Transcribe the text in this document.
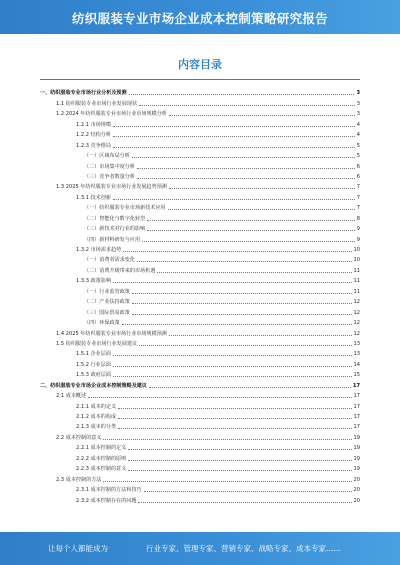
纺织服装专业市场企业成本控制策略研究报告
内容目录
一、纺织服装专业市场行业分析及预测	3
1.1 纺织服装专业市场行业发展现状	3
1.2 2024 年纺织服装专业市场行业市场规模分析	3
1.2.1 市场规模	4
1.2.2 结构分析	4
1.2.3 竞争格局	5
（一）区域布局分析	5
（二）市场集中度分析	6
（三）竞争者数量分析	6
1.3 2025 年纺织服装专业市场行业发展趋势预测	7
1.3.1 技术创新	7
（一）纺织服装专业市场新技术应用	7
（二）智能化与数字化转型	8
（三）新技术对行业的影响	9
（四）新材料研发与应用	9
1.3.2 市场需求趋势	10
（一）消费者需求变化	10
（二）消费升级带来的市场机遇	11
1.3.3 政策影响	11
（一）行业监管政策	11
（二）产业扶持政策	12
（三）国际贸易政策	12
（四）环保政策	12
1.4 2025 年纺织服装专业市场行业市场规模预测	12
1.5 纺织服装专业市场行业发展建议	13
1.5.1 企业层面	13
1.5.2 行业层面	14
1.5.3 政府层面	15
二、纺织服装专业市场企业成本控制策略及建议	17
2.1 成本概述	17
2.1.1 成本的定义	17
2.1.2 成本的构成	17
2.1.3 成本的分类	17
2.2 成本控制的意义	19
2.2.1 成本控制的定义	19
2.2.2 成本控制的原则	19
2.2.3 成本控制的意义	19
2.3 成本控制的方法	20
2.3.1 成本控制的方法和技巧	20
2.3.2 成本控制存在的问题	20
让每个人都能成为	行业专家、管理专家、营销专家、战略专家、成本专家……
